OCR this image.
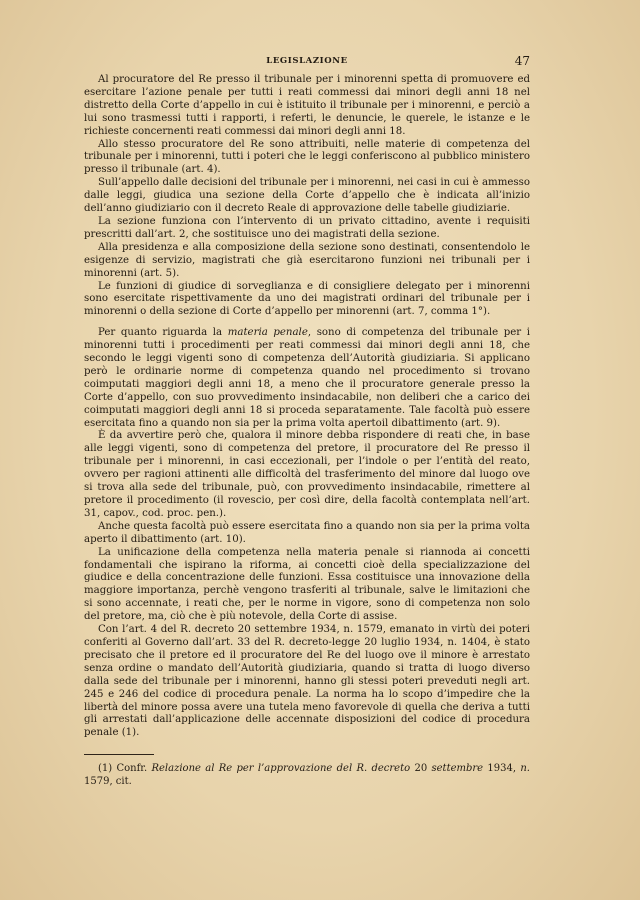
LEGISLAZIONE	47

Al procuratore del Re presso il tribunale per i minorenni spetta di promuovere ed esercitare l’azione penale per tutti i reati commessi dai minori degli anni 18 nel distretto della Corte d’appello in cui è istituito il tribunale per i minorenni, e perciò a lui sono trasmessi tutti i rapporti, i referti, le denuncie, le querele, le istanze e le richieste concernenti reati commessi dai minori degli anni 18.

Allo stesso procuratore del Re sono attribuiti, nelle materie di competenza del tribunale per i minorenni, tutti i poteri che le leggi conferiscono al pubblico ministero presso il tribunale (art. 4).

Sull’appello dalle decisioni del tribunale per i minorenni, nei casi in cui è ammesso dalle leggi, giudica una sezione della Corte d’appello che è indicata all’inizio dell’anno giudiziario con il decreto Reale di approvazione delle tabelle giudiziarie.

La sezione funziona con l’intervento di un privato cittadino, avente i requisiti prescritti dall’art. 2, che sostituisce uno dei magistrati della sezione.

Alla presidenza e alla composizione della sezione sono destinati, consentendolo le esigenze di servizio, magistrati che già esercitarono funzioni nei tribunali per i minorenni (art. 5).

Le funzioni di giudice di sorveglianza e di consigliere delegato per i minorenni sono esercitate rispettivamente da uno dei magistrati ordinari del tribunale per i minorenni o della sezione di Corte d’appello per minorenni (art. 7, comma 1°).

Per quanto riguarda la materia penale, sono di competenza del tribunale per i minorenni tutti i procedimenti per reati commessi dai minori degli anni 18, che secondo le leggi vigenti sono di competenza dell’Autorità giudiziaria. Si applicano però le ordinarie norme di competenza quando nel procedimento si trovano coimputati maggiori degli anni 18, a meno che il procuratore generale presso la Corte d’appello, con suo provvedimento insindacabile, non deliberi che a carico dei coimputati maggiori degli anni 18 si proceda separatamente. Tale facoltà può essere esercitata fino a quando non sia per la prima volta apertoil dibattimento (art. 9).

È da avvertire però che, qualora il minore debba rispondere di reati che, in base alle leggi vigenti, sono di competenza del pretore, il procuratore del Re presso il tribunale per i minorenni, in casi eccezionali, per l’indole o per l’entità del reato, ovvero per ragioni attinenti alle difficoltà del trasferimento del minore dal luogo ove si trova alla sede del tribunale, può, con provvedimento insindacabile, rimettere al pretore il procedimento (il rovescio, per così dire, della facoltà contemplata nell’art. 31, capov., cod. proc. pen.).

Anche questa facoltà può essere esercitata fino a quando non sia per la prima volta aperto il dibattimento (art. 10).

La unificazione della competenza nella materia penale si riannoda ai concetti fondamentali che ispirano la riforma, ai concetti cioè della specializzazione del giudice e della concentrazione delle funzioni. Essa costituisce una innovazione della maggiore importanza, perchè vengono trasferiti al tribunale, salve le limitazioni che si sono accennate, i reati che, per le norme in vigore, sono di competenza non solo del pretore, ma, ciò che è più notevole, della Corte di assise.

Con l’art. 4 del R. decreto 20 settembre 1934, n. 1579, emanato in virtù dei poteri conferiti al Governo dall’art. 33 del R. decreto-legge 20 luglio 1934, n. 1404, è stato precisato che il pretore ed il procuratore del Re del luogo ove il minore è arrestato senza ordine o mandato dell’Autorità giudiziaria, quando si tratta di luogo diverso dalla sede del tribunale per i minorenni, hanno gli stessi poteri preveduti negli art. 245 e 246 del codice di procedura penale. La norma ha lo scopo d’impedire che la libertà del minore possa avere una tutela meno favorevole di quella che deriva a tutti gli arrestati dall’applicazione delle accennate disposizioni del codice di procedura penale (1).

(1) Confr. Relazione al Re per l’approvazione del R. decreto 20 settembre 1934, n. 1579, cit.
